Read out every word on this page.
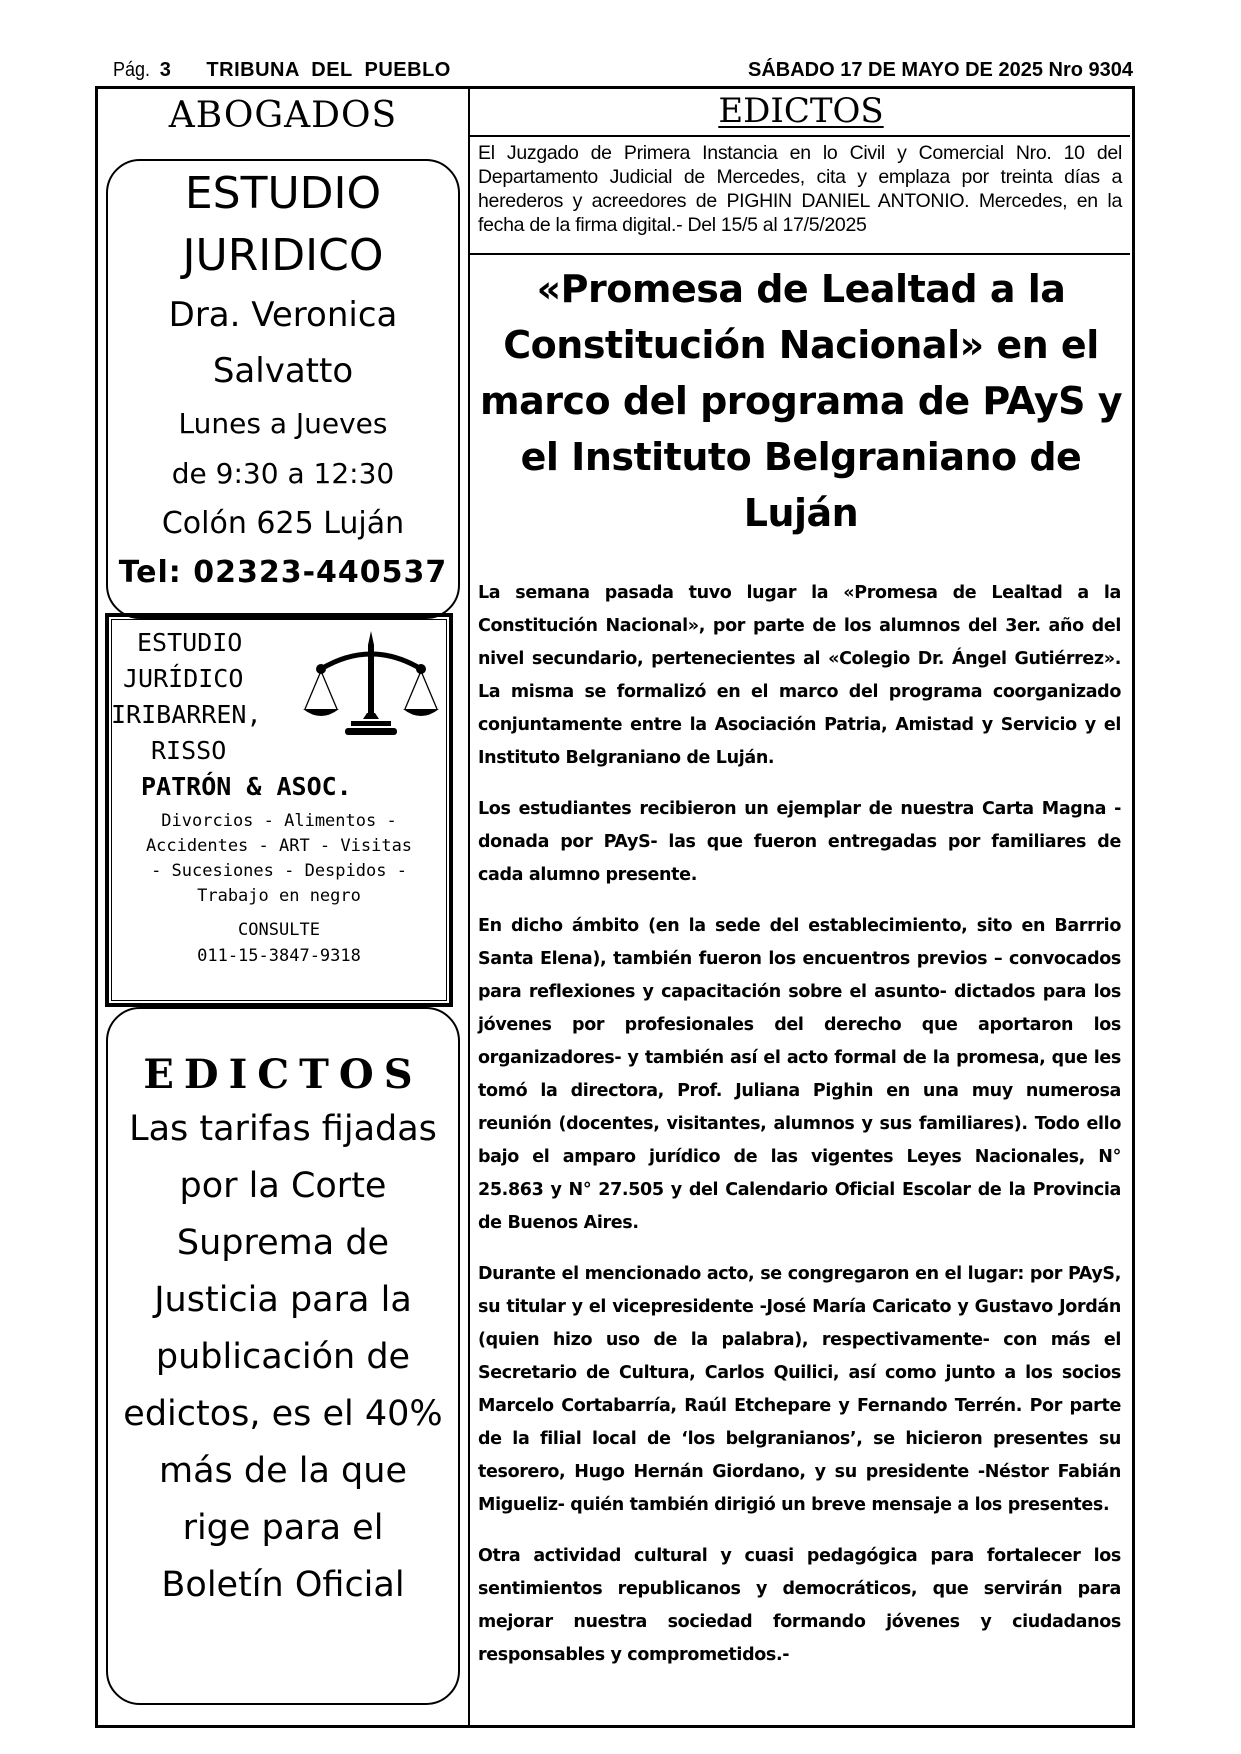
Pág. 3 TRIBUNA  DEL  PUEBLO	SÁBADO 17 DE MAYO DE 2025 Nro 9304
ABOGADOS
ESTUDIO
JURIDICO
Dra. Veronica
Salvatto
Lunes a Jueves
de 9:30 a 12:30
Colón 625 Luján
Tel: 02323-440537
ESTUDIO
JURÍDICO
IRIBARREN,
RISSO
PATRÓN & ASOC.
Divorcios - Alimentos -
Accidentes - ART - Visitas
- Sucesiones - Despidos -
Trabajo en negro
CONSULTE
011-15-3847-9318
EDICTOS
Las tarifas fijadas por la Corte Suprema de Justicia para la publicación de edictos, es el 40% más de la que rige para el Boletín Oficial
EDICTOS

El Juzgado de Primera Instancia en lo Civil y Comercial Nro. 10 del Departamento Judicial de Mercedes, cita y emplaza por treinta días a herederos y acreedores de PIGHIN DANIEL ANTONIO. Mercedes, en la fecha de la firma digital.- Del 15/5 al 17/5/2025

«Promesa de Lealtad a la Constitución Nacional» en el marco del programa de PAyS y el Instituto Belgraniano de Luján

La semana pasada tuvo lugar la «Promesa de Lealtad a la Constitución Nacional», por parte de los alumnos del 3er. año del nivel secundario, pertenecientes al «Colegio Dr. Ángel Gutiérrez». La misma se formalizó en el marco del programa coorganizado conjuntamente entre la Asociación Patria, Amistad y Servicio y el Instituto Belgraniano de Luján.

Los estudiantes recibieron un ejemplar de nuestra Carta Magna - donada por PAyS- las que fueron entregadas por familiares de cada alumno presente.

En dicho ámbito (en la sede del establecimiento, sito en Barrrio Santa Elena), también fueron los encuentros previos – convocados para reflexiones y capacitación sobre el asunto- dictados para los jóvenes por profesionales del derecho que aportaron los organizadores- y también así el acto formal de la promesa, que les tomó la directora, Prof. Juliana Pighin en una muy numerosa reunión (docentes, visitantes, alumnos y sus familiares). Todo ello bajo el amparo jurídico de las vigentes Leyes Nacionales, N° 25.863 y N° 27.505 y del Calendario Oficial Escolar de la Provincia de Buenos Aires.

Durante el mencionado acto, se congregaron en el lugar: por PAyS, su titular y el vicepresidente -José María Caricato y Gustavo Jordán (quien hizo uso de la palabra), respectivamente- con más el Secretario de Cultura, Carlos Quilici, así como junto a los socios Marcelo Cortabarría, Raúl Etchepare y Fernando Terrén. Por parte de la filial local de ‘los belgranianos’, se hicieron presentes su tesorero, Hugo Hernán Giordano, y su presidente -Néstor Fabián Migueliz- quién también dirigió un breve mensaje a los presentes.

Otra actividad cultural y cuasi pedagógica para fortalecer los sentimientos republicanos y democráticos, que servirán para mejorar nuestra sociedad formando jóvenes y ciudadanos responsables y comprometidos.-
